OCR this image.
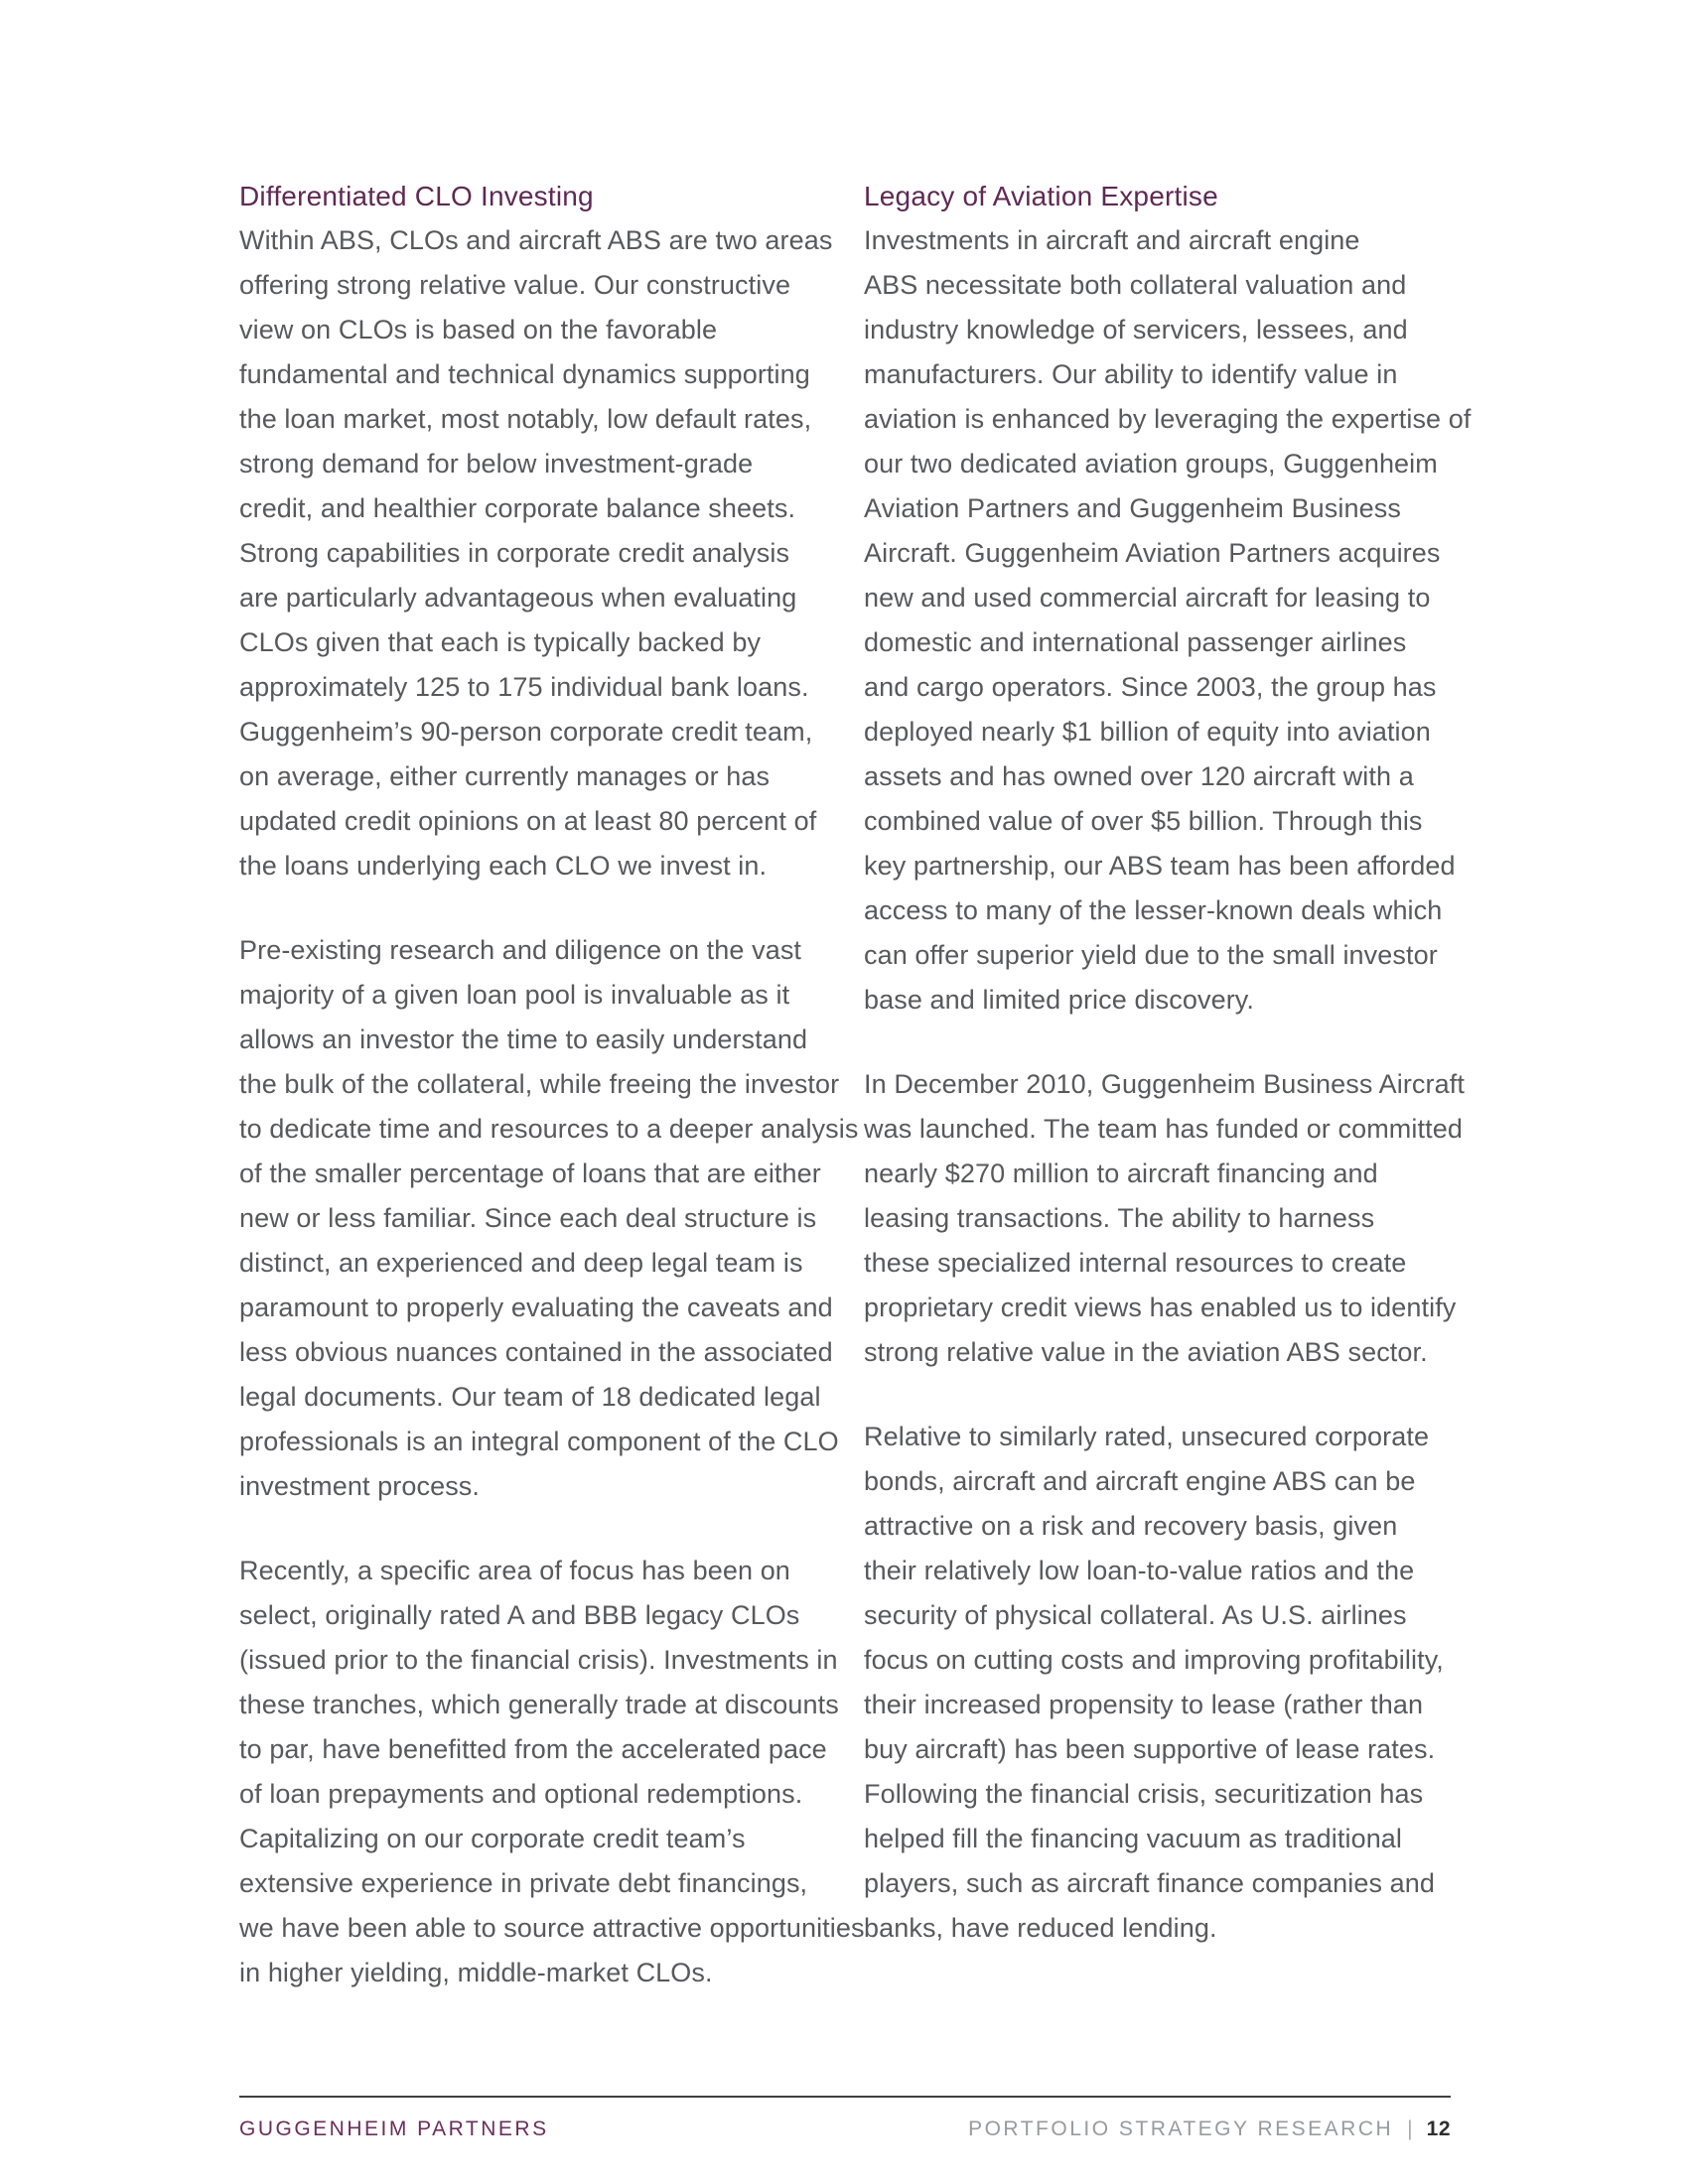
Differentiated CLO Investing

Within ABS, CLOs and aircraft ABS are two areas
offering strong relative value. Our constructive
view on CLOs is based on the favorable
fundamental and technical dynamics supporting
the loan market, most notably, low default rates,
strong demand for below investment-grade
credit, and healthier corporate balance sheets.
Strong capabilities in corporate credit analysis
are particularly advantageous when evaluating
CLOs given that each is typically backed by
approximately 125 to 175 individual bank loans.
Guggenheim’s 90-person corporate credit team,
on average, either currently manages or has
updated credit opinions on at least 80 percent of
the loans underlying each CLO we invest in.

Pre-existing research and diligence on the vast
majority of a given loan pool is invaluable as it
allows an investor the time to easily understand
the bulk of the collateral, while freeing the investor
to dedicate time and resources to a deeper analysis
of the smaller percentage of loans that are either
new or less familiar. Since each deal structure is
distinct, an experienced and deep legal team is
paramount to properly evaluating the caveats and
less obvious nuances contained in the associated
legal documents. Our team of 18 dedicated legal
professionals is an integral component of the CLO
investment process.

Recently, a specific area of focus has been on
select, originally rated A and BBB legacy CLOs
(issued prior to the financial crisis). Investments in
these tranches, which generally trade at discounts
to par, have benefitted from the accelerated pace
of loan prepayments and optional redemptions.
Capitalizing on our corporate credit team’s
extensive experience in private debt financings,
we have been able to source attractive opportunities
in higher yielding, middle-market CLOs.

Legacy of Aviation Expertise

Investments in aircraft and aircraft engine
ABS necessitate both collateral valuation and
industry knowledge of servicers, lessees, and
manufacturers. Our ability to identify value in
aviation is enhanced by leveraging the expertise of
our two dedicated aviation groups, Guggenheim
Aviation Partners and Guggenheim Business
Aircraft. Guggenheim Aviation Partners acquires
new and used commercial aircraft for leasing to
domestic and international passenger airlines
and cargo operators. Since 2003, the group has
deployed nearly $1 billion of equity into aviation
assets and has owned over 120 aircraft with a
combined value of over $5 billion. Through this
key partnership, our ABS team has been afforded
access to many of the lesser-known deals which
can offer superior yield due to the small investor
base and limited price discovery.

In December 2010, Guggenheim Business Aircraft
was launched. The team has funded or committed
nearly $270 million to aircraft financing and
leasing transactions. The ability to harness
these specialized internal resources to create
proprietary credit views has enabled us to identify
strong relative value in the aviation ABS sector.

Relative to similarly rated, unsecured corporate
bonds, aircraft and aircraft engine ABS can be
attractive on a risk and recovery basis, given
their relatively low loan-to-value ratios and the
security of physical collateral. As U.S. airlines
focus on cutting costs and improving profitability,
their increased propensity to lease (rather than
buy aircraft) has been supportive of lease rates.
Following the financial crisis, securitization has
helped fill the financing vacuum as traditional
players, such as aircraft finance companies and
banks, have reduced lending.

GUGGENHEIM PARTNERS	PORTFOLIO STRATEGY RESEARCH | 12
